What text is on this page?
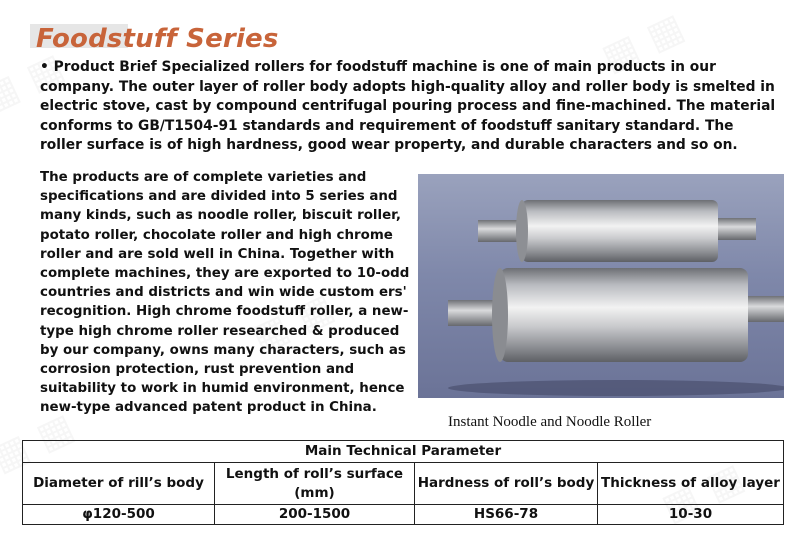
Foodstuff Series

• Product Brief Specialized rollers for foodstuff machine is one of main products in our company. The outer layer of roller body adopts high-quality alloy and roller body is smelted in electric stove, cast by compound centrifugal pouring process and fine-machined. The material conforms to GB/T1504-91 standards and requirement of foodstuff sanitary standard. The roller surface is of high hardness, good wear property, and durable characters and so on.

The products are of complete varieties and specifications and are divided into 5 series and many kinds, such as noodle roller, biscuit roller, potato roller, chocolate roller and high chrome roller and are sold well in China. Together with complete machines, they are exported to 10-odd countries and districts and win wide custom ers' recognition. High chrome foodstuff roller, a new-type high chrome roller researched & produced by our company, owns many characters, such as corrosion protection, rust prevention and suitability to work in humid environment, hence new-type advanced patent product in China.

Instant Noodle and Noodle Roller

Main Technical Parameter			
Diameter of rill’s body	Length of roll’s surface (mm)	Hardness of roll’s body	Thickness of alloy layer
φ120-500	200-1500	HS66-78	10-30
